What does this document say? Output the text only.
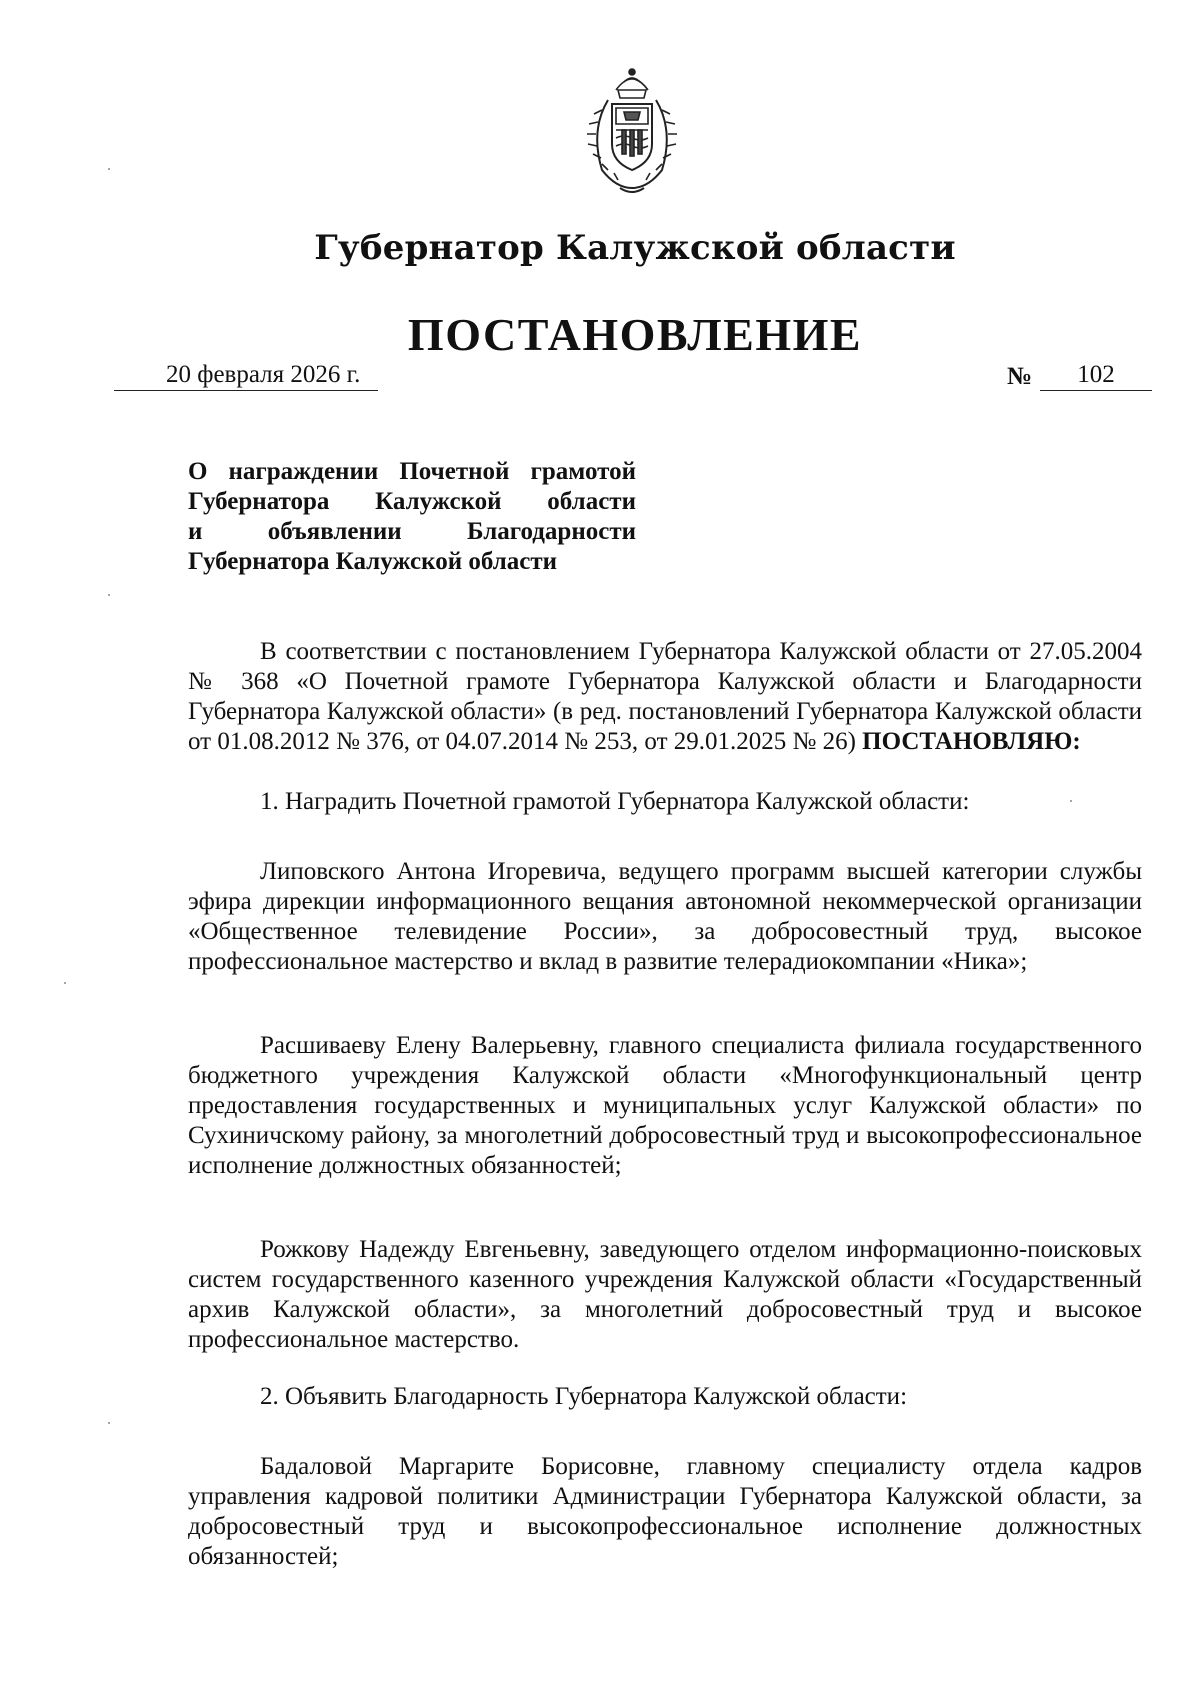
Губернатор Калужской области
ПОСТАНОВЛЕНИЕ
20 февраля 2026 г.	№	102
О награждении Почетной грамотой
Губернатора Калужской области
и объявлении Благодарности
Губернатора Калужской области

В соответствии с постановлением Губернатора Калужской области от 27.05.2004 № 368 «О Почетной грамоте Губернатора Калужской области и Благодарности Губернатора Калужской области» (в ред. постановлений Губернатора Калужской области от 01.08.2012 № 376, от 04.07.2014 № 253, от 29.01.2025 № 26) ПОСТАНОВЛЯЮ:

1. Наградить Почетной грамотой Губернатора Калужской области:

Липовского Антона Игоревича, ведущего программ высшей категории службы эфира дирекции информационного вещания автономной некоммерческой организации «Общественное телевидение России», за добросовестный труд, высокое профессиональное мастерство и вклад в развитие телерадиокомпании «Ника»;

Расшиваеву Елену Валерьевну, главного специалиста филиала государственного бюджетного учреждения Калужской области «Многофункциональный центр предоставления государственных и муниципальных услуг Калужской области» по Сухиничскому району, за многолетний добросовестный труд и высокопрофессиональное исполнение должностных обязанностей;

Рожкову Надежду Евгеньевну, заведующего отделом информационно-поисковых систем государственного казенного учреждения Калужской области «Государственный архив Калужской области», за многолетний добросовестный труд и высокое профессиональное мастерство.

2. Объявить Благодарность Губернатора Калужской области:

Бадаловой Маргарите Борисовне, главному специалисту отдела кадров управления кадровой политики Администрации Губернатора Калужской области, за добросовестный труд и высокопрофессиональное исполнение должностных обязанностей;
